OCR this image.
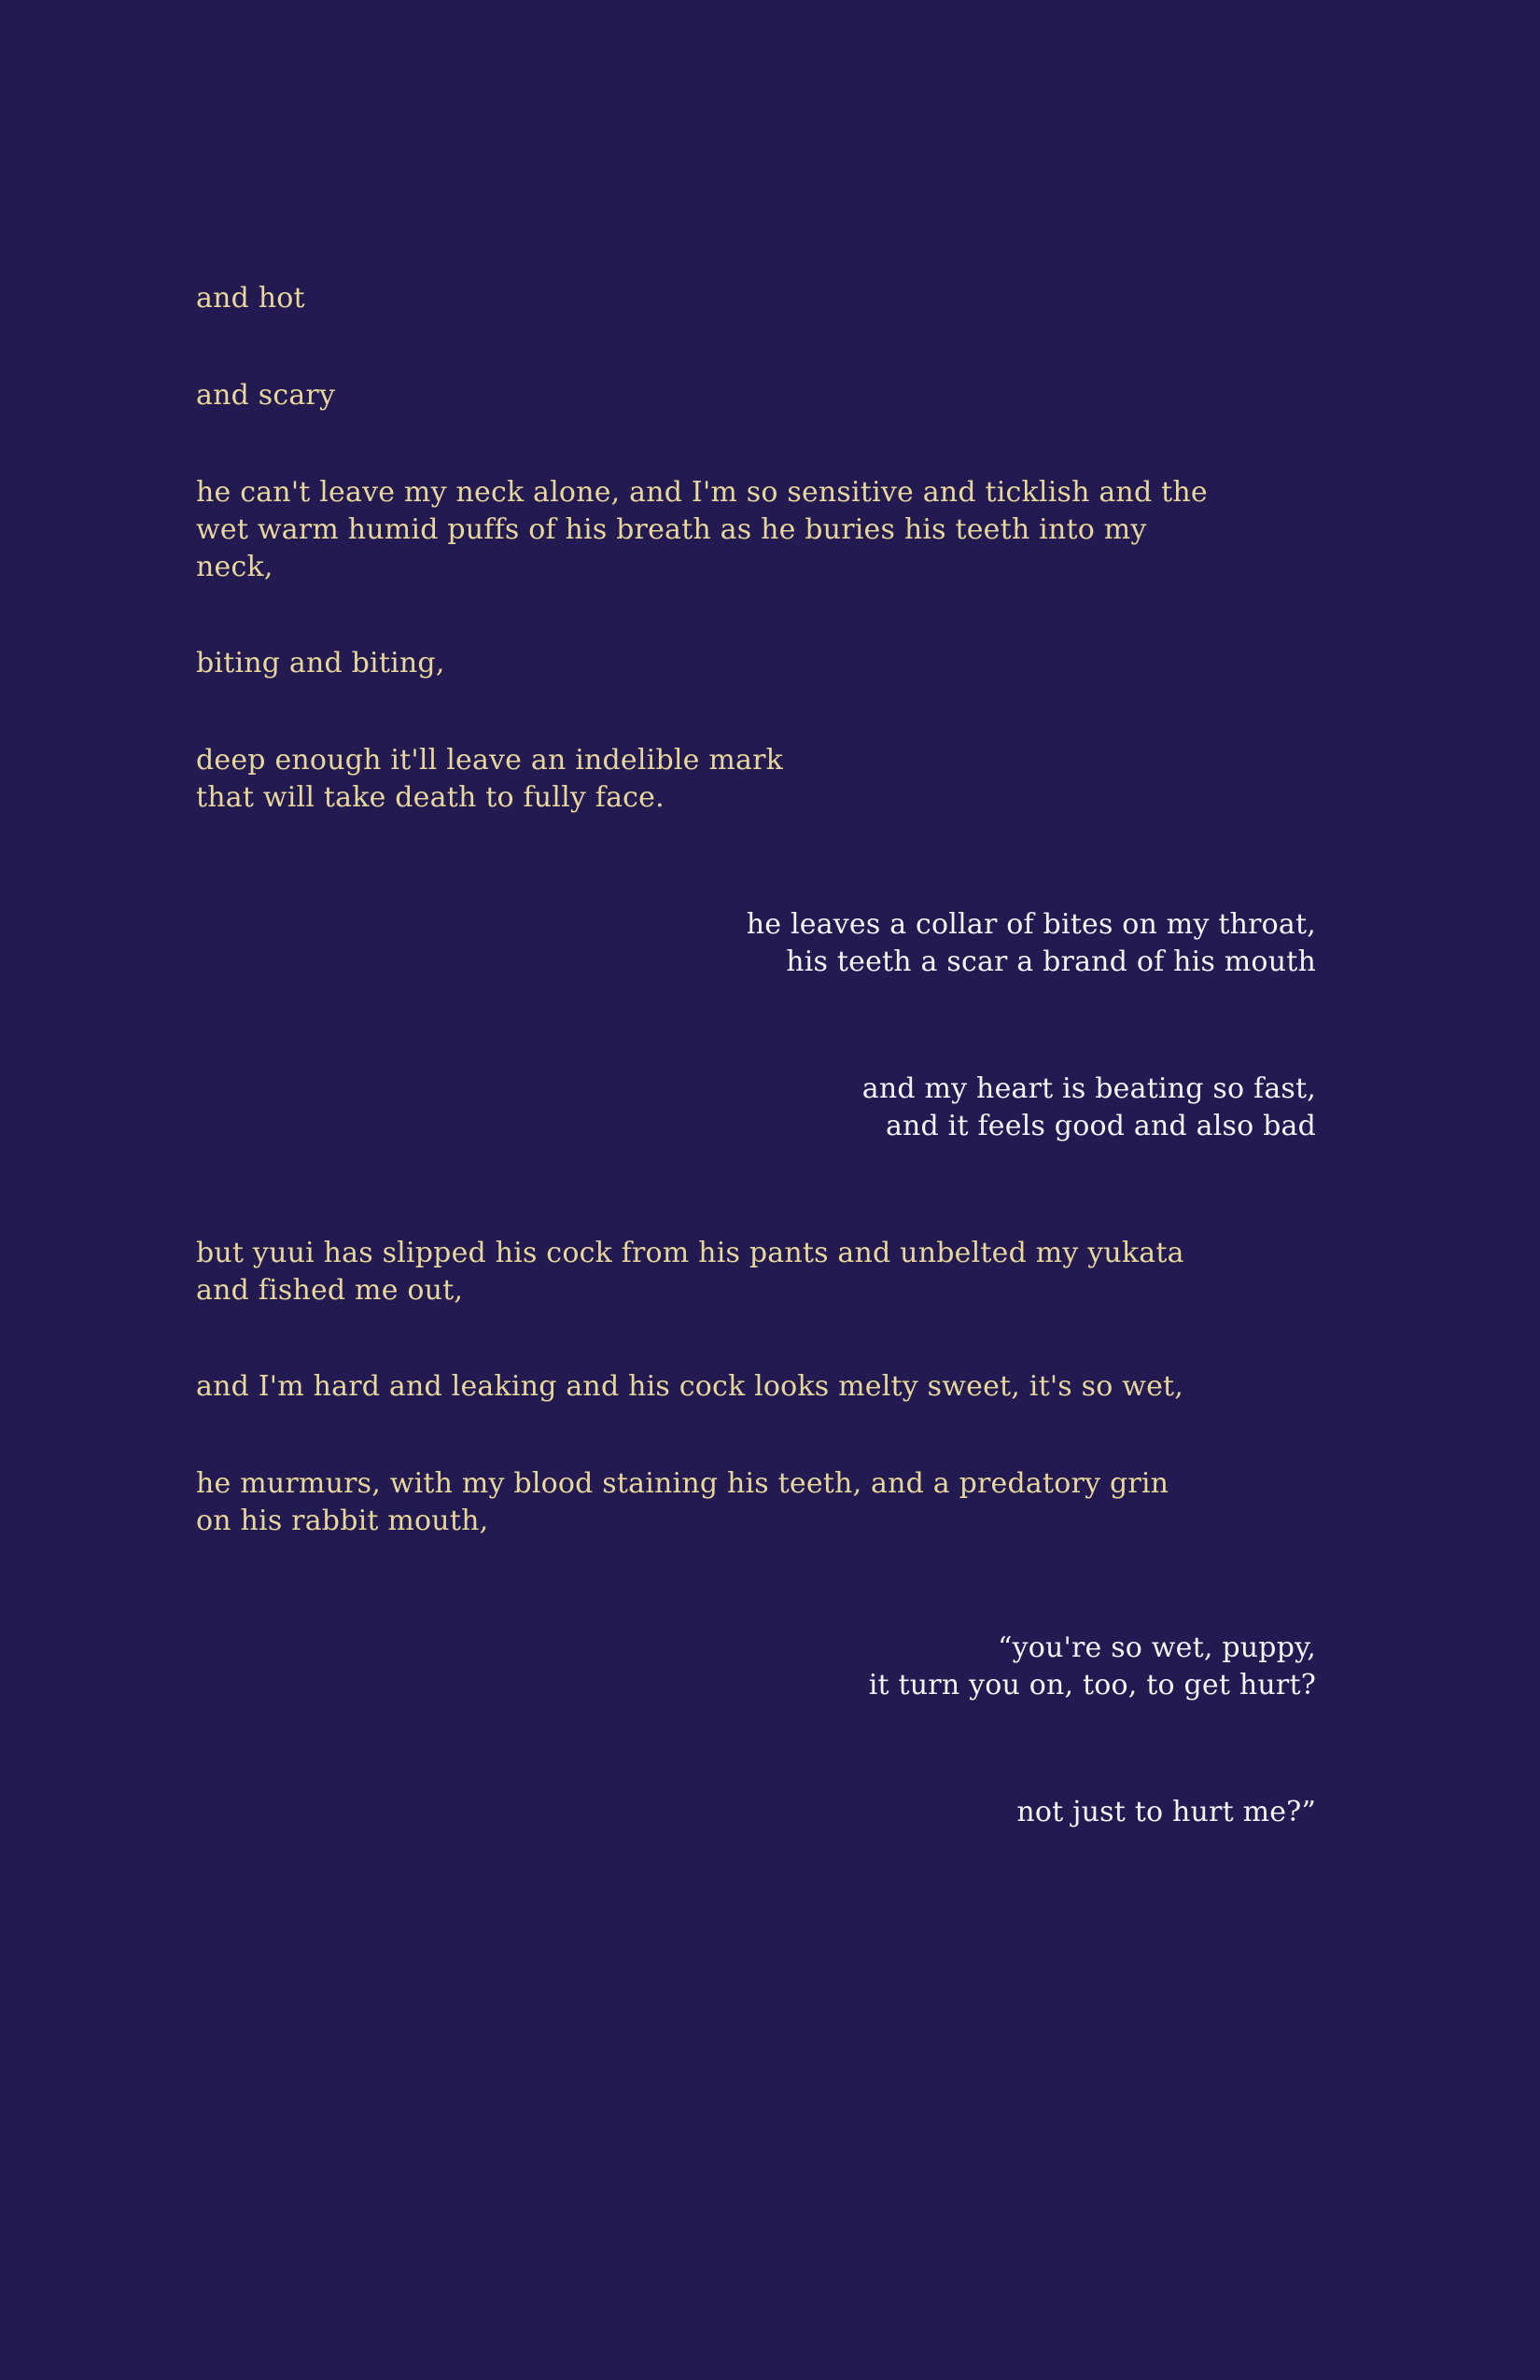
and hot
and scary
he can't leave my neck alone, and I'm so sensitive and ticklish and the
wet warm humid puffs of his breath as he buries his teeth into my
neck,
biting and biting,
deep enough it'll leave an indelible mark
that will take death to fully face.
he leaves a collar of bites on my throat,
his teeth a scar a brand of his mouth
and my heart is beating so fast,
and it feels good and also bad
but yuui has slipped his cock from his pants and unbelted my yukata
and fished me out,
and I'm hard and leaking and his cock looks melty sweet, it's so wet,
he murmurs, with my blood staining his teeth, and a predatory grin
on his rabbit mouth,
“you're so wet, puppy,
it turn you on, too, to get hurt?
not just to hurt me?”
